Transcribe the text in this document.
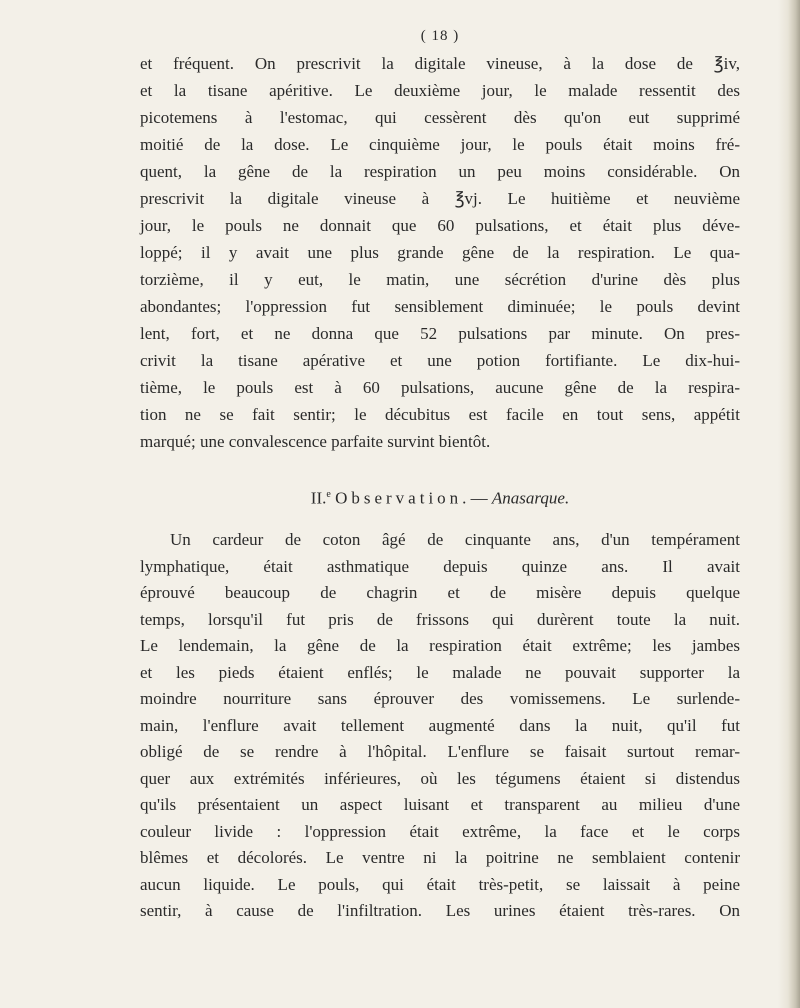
( 18 )
et fréquent. On prescrivit la digitale vineuse, à la dose de ℥iv,
et la tisane apéritive. Le deuxième jour, le malade ressentit des
picotemens à l'estomac, qui cessèrent dès qu'on eut supprimé
moitié de la dose. Le cinquième jour, le pouls était moins fré-
quent, la gêne de la respiration un peu moins considérable. On
prescrivit la digitale vineuse à ℥vj. Le huitième et neuvième
jour, le pouls ne donnait que 60 pulsations, et était plus déve-
loppé; il y avait une plus grande gêne de la respiration. Le qua-
torzième, il y eut, le matin, une sécrétion d'urine dès plus
abondantes; l'oppression fut sensiblement diminuée; le pouls devint
lent, fort, et ne donna que 52 pulsations par minute. On pres-
crivit la tisane apérative et une potion fortifiante. Le dix-hui-
tième, le pouls est à 60 pulsations, aucune gêne de la respira-
tion ne se fait sentir; le décubitus est facile en tout sens, appétit
marqué; une convalescence parfaite survint bientôt.
II.$^e$ Observation. — Anasarque.
Un cardeur de coton âgé de cinquante ans, d'un tempérament
lymphatique, était asthmatique depuis quinze ans. Il avait
éprouvé beaucoup de chagrin et de misère depuis quelque
temps, lorsqu'il fut pris de frissons qui durèrent toute la nuit.
Le lendemain, la gêne de la respiration était extrême; les jambes
et les pieds étaient enflés; le malade ne pouvait supporter la
moindre nourriture sans éprouver des vomissemens. Le surlende-
main, l'enflure avait tellement augmenté dans la nuit, qu'il fut
obligé de se rendre à l'hôpital. L'enflure se faisait surtout remar-
quer aux extrémités inférieures, où les tégumens étaient si distendus
qu'ils présentaient un aspect luisant et transparent au milieu d'une
couleur livide : l'oppression était extrême, la face et le corps
blêmes et décolorés. Le ventre ni la poitrine ne semblaient contenir
aucun liquide. Le pouls, qui était très-petit, se laissait à peine
sentir, à cause de l'infiltration. Les urines étaient très-rares. On
